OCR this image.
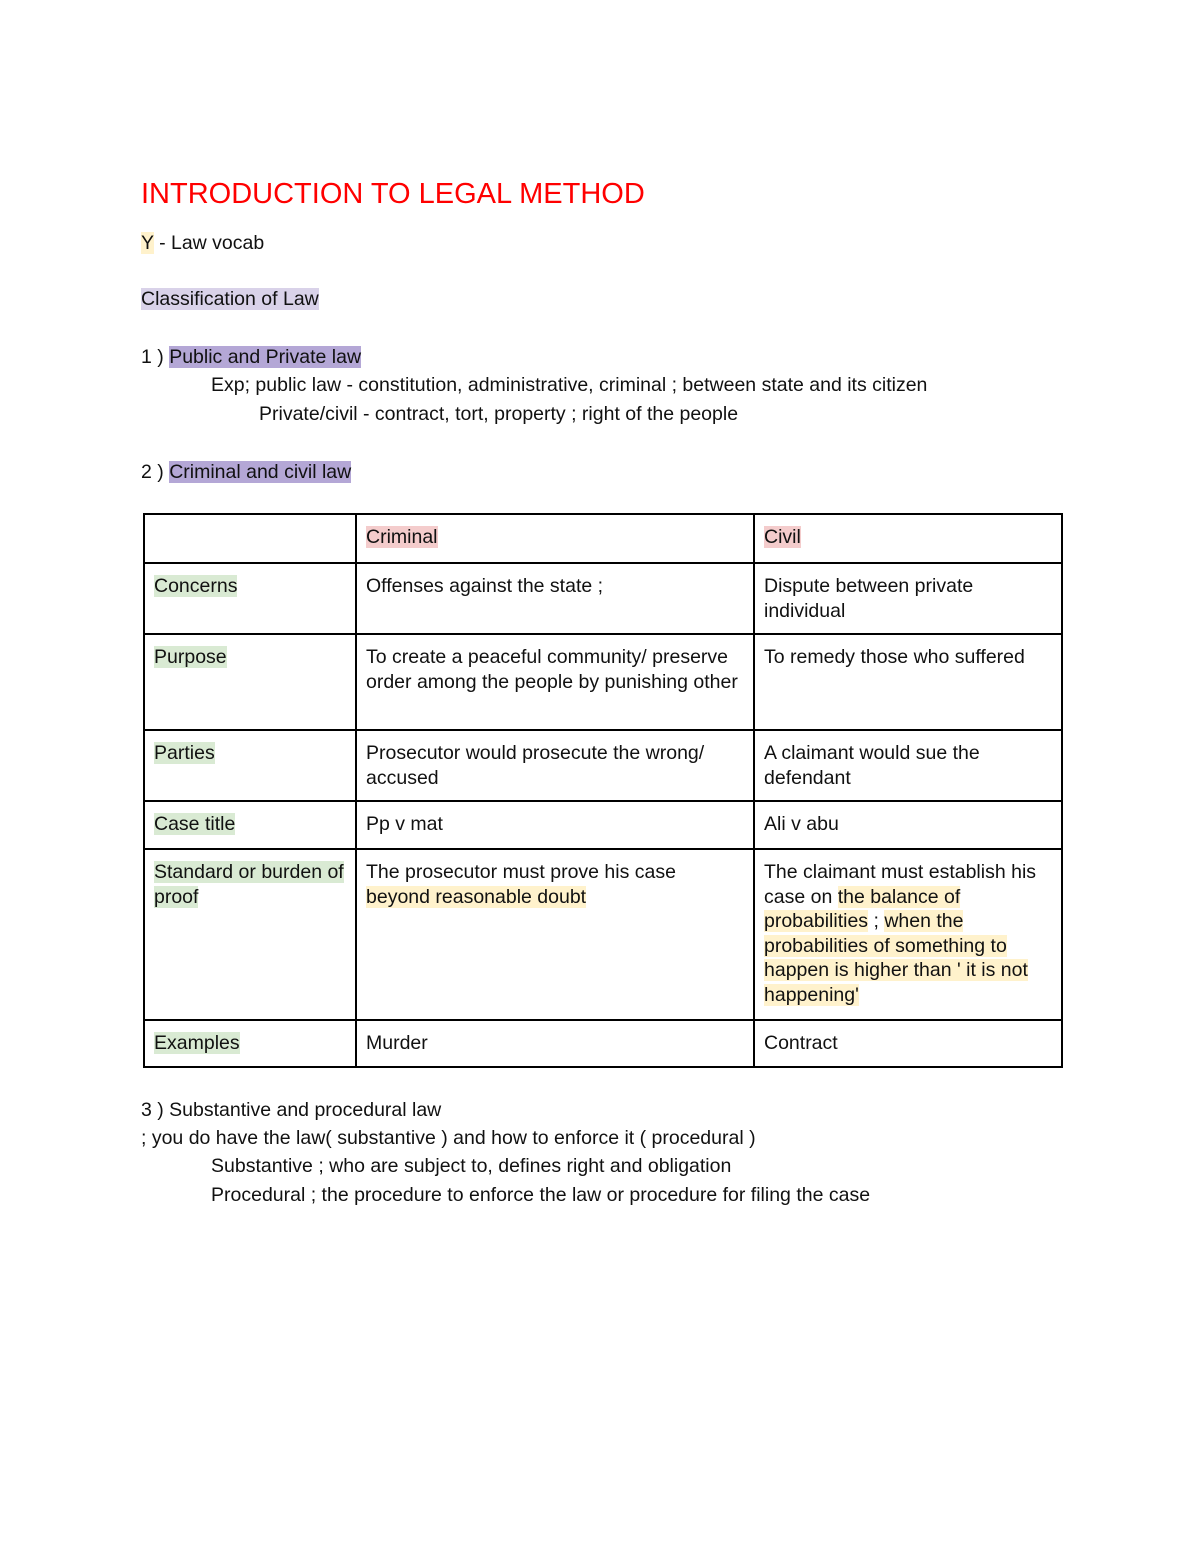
INTRODUCTION TO LEGAL METHOD
Y - Law vocab
Classification of Law
1 ) Public and Private law
Exp; public law - constitution, administrative, criminal ; between state and its citizen
Private/civil - contract, tort, property ; right of the people
2 ) Criminal and civil law
	Criminal	Civil
Concerns	Offenses against the state ;	Dispute between private individual
Purpose	To create a peaceful community/ preserve order among the people by punishing other	To remedy those who suffered
Parties	Prosecutor would prosecute the wrong/ accused	A claimant would sue the defendant
Case title	Pp v mat	Ali v abu
Standard or burden of proof	The prosecutor must prove his case beyond reasonable doubt	The claimant must establish his case on the balance of probabilities ; when the probabilities of something to happen is higher than ' it is not happening'
Examples	Murder	Contract
3 ) Substantive and procedural law
; you do have the law( substantive ) and how to enforce it ( procedural )
Substantive ; who are subject to, defines right and obligation
Procedural ; the procedure to enforce the law or procedure for filing the case
